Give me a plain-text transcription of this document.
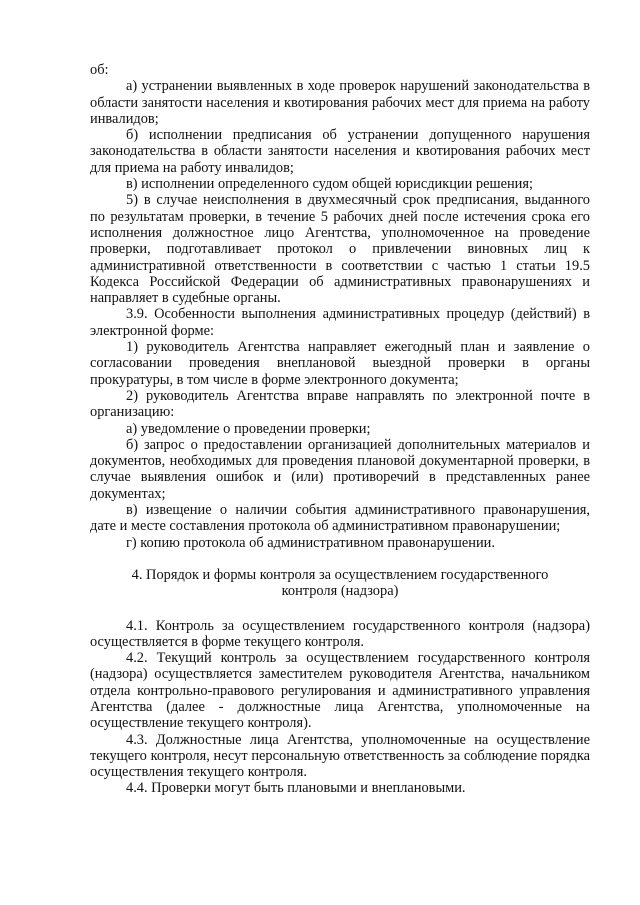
об:

а) устранении выявленных в ходе проверок нарушений законодательства в области занятости населения и квотирования рабочих мест для приема на работу инвалидов;

б) исполнении предписания об устранении допущенного нарушения законодательства в области занятости населения и квотирования рабочих мест для приема на работу инвалидов;

в) исполнении определенного судом общей юрисдикции решения;

5) в случае неисполнения в двухмесячный срок предписания, выданного по результатам проверки, в течение 5 рабочих дней после истечения срока его исполнения должностное лицо Агентства, уполномоченное на проведение проверки, подготавливает протокол о привлечении виновных лиц к административной ответственности в соответствии с частью 1 статьи 19.5 Кодекса Российской Федерации об административных правонарушениях и направляет в судебные органы.

3.9. Особенности выполнения административных процедур (действий) в электронной форме:

1) руководитель Агентства направляет ежегодный план и заявление о согласовании проведения внеплановой выездной проверки в органы прокуратуры, в том числе в форме электронного документа;

2) руководитель Агентства вправе направлять по электронной почте в организацию:

а) уведомление о проведении проверки;

б) запрос о предоставлении организацией дополнительных материалов и документов, необходимых для проведения плановой документарной проверки, в случае выявления ошибок и (или) противоречий в представленных ранее документах;

в) извещение о наличии события административного правонарушения, дате и месте составления протокола об административном правонарушении;

г) копию протокола об административном правонарушении.

4. Порядок и формы контроля за осуществлением государственного контроля (надзора)

4.1. Контроль за осуществлением государственного контроля (надзора) осуществляется в форме текущего контроля.

4.2. Текущий контроль за осуществлением государственного контроля (надзора) осуществляется заместителем руководителя Агентства, начальником отдела контрольно-правового регулирования и административного управления Агентства (далее - должностные лица Агентства, уполномоченные на осуществление текущего контроля).

4.3. Должностные лица Агентства, уполномоченные на осуществление текущего контроля, несут персональную ответственность за соблюдение порядка осуществления текущего контроля.

4.4. Проверки могут быть плановыми и внеплановыми.
